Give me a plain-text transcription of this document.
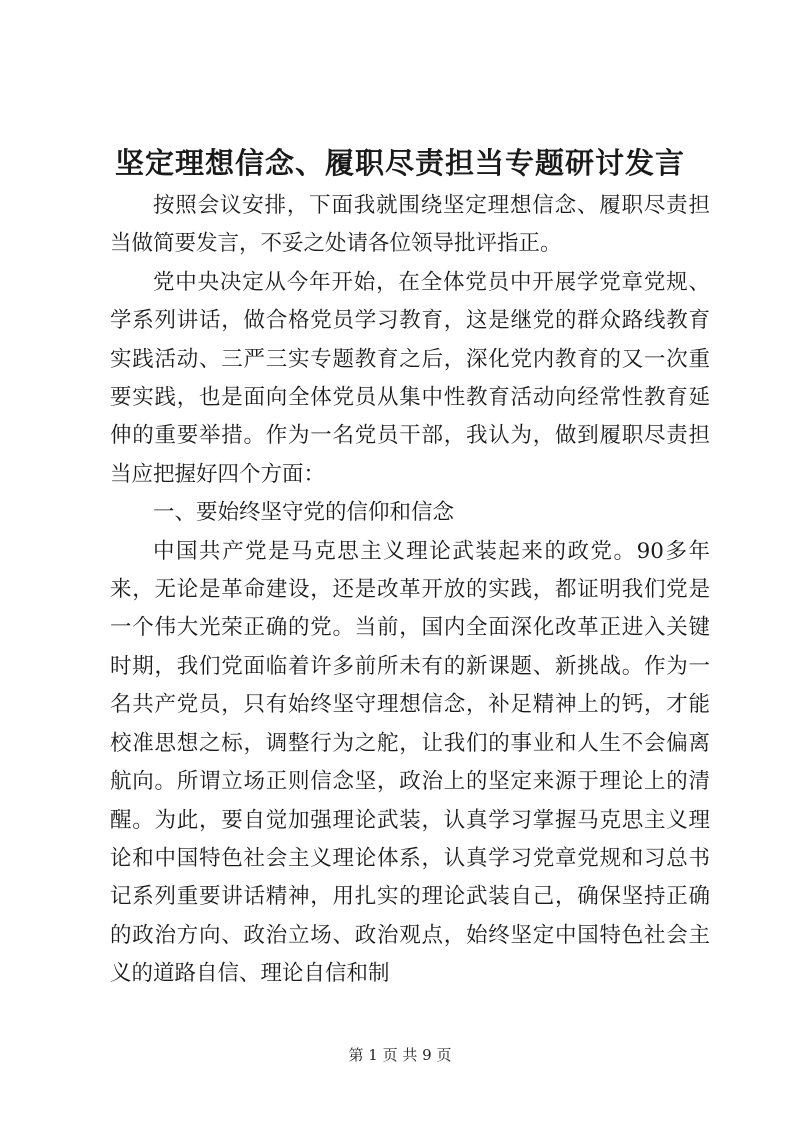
坚定理想信念、履职尽责担当专题研讨发言

按照会议安排，下面我就围绕坚定理想信念、履职尽责担当做简要发言，不妥之处请各位领导批评指正。

党中央决定从今年开始，在全体党员中开展学党章党规、学系列讲话，做合格党员学习教育，这是继党的群众路线教育实践活动、三严三实专题教育之后，深化党内教育的又一次重要实践，也是面向全体党员从集中性教育活动向经常性教育延伸的重要举措。作为一名党员干部，我认为，做到履职尽责担当应把握好四个方面：

一、要始终坚守党的信仰和信念

中国共产党是马克思主义理论武装起来的政党。90多年来，无论是革命建设，还是改革开放的实践，都证明我们党是一个伟大光荣正确的党。当前，国内全面深化改革正进入关键时期，我们党面临着许多前所未有的新课题、新挑战。作为一名共产党员，只有始终坚守理想信念，补足精神上的钙，才能校准思想之标，调整行为之舵，让我们的事业和人生不会偏离航向。所谓立场正则信念坚，政治上的坚定来源于理论上的清醒。为此，要自觉加强理论武装，认真学习掌握马克思主义理论和中国特色社会主义理论体系，认真学习党章党规和习总书记系列重要讲话精神，用扎实的理论武装自己，确保坚持正确的政治方向、政治立场、政治观点，始终坚定中国特色社会主义的道路自信、理论自信和制

第 1 页 共 9 页
